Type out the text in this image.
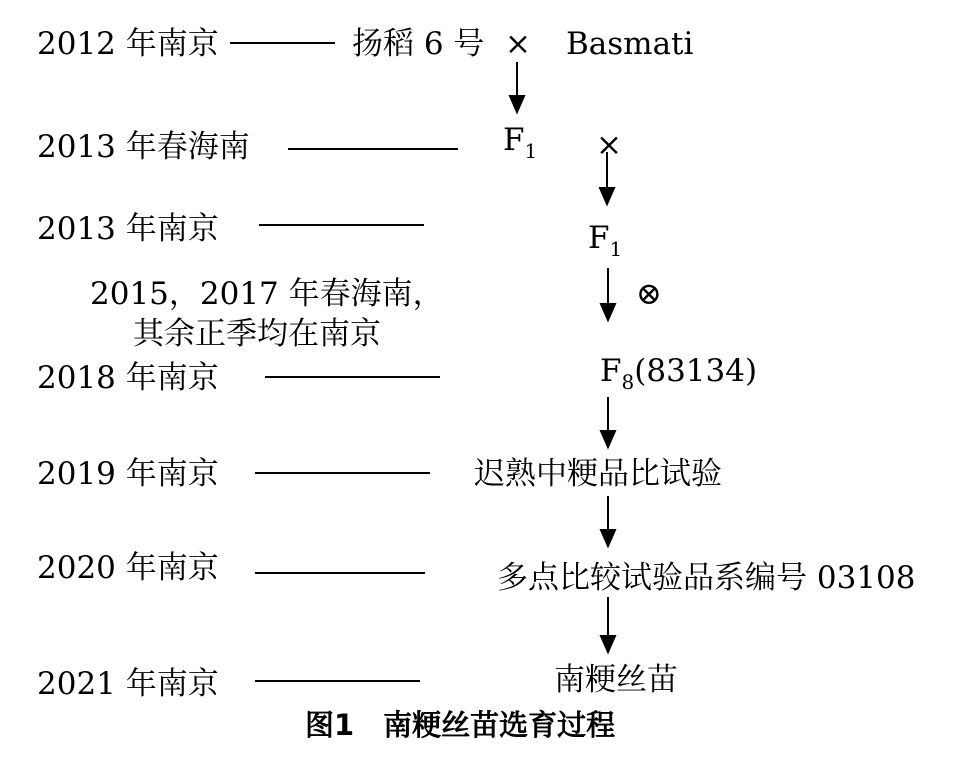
2012 年南京
2013 年春海南
2013 年南京
2015，2017 年春海南，
其余正季均在南京
2018 年南京
2019 年南京
2020 年南京
2021 年南京
扬稻 6 号 × Basmati
$F_1$ ×
$F_1$
⊗
$F_8(83134)$
迟熟中粳品比试验
多点比较试验品系编号 03108
南粳丝苗
图1　南粳丝苗选育过程
